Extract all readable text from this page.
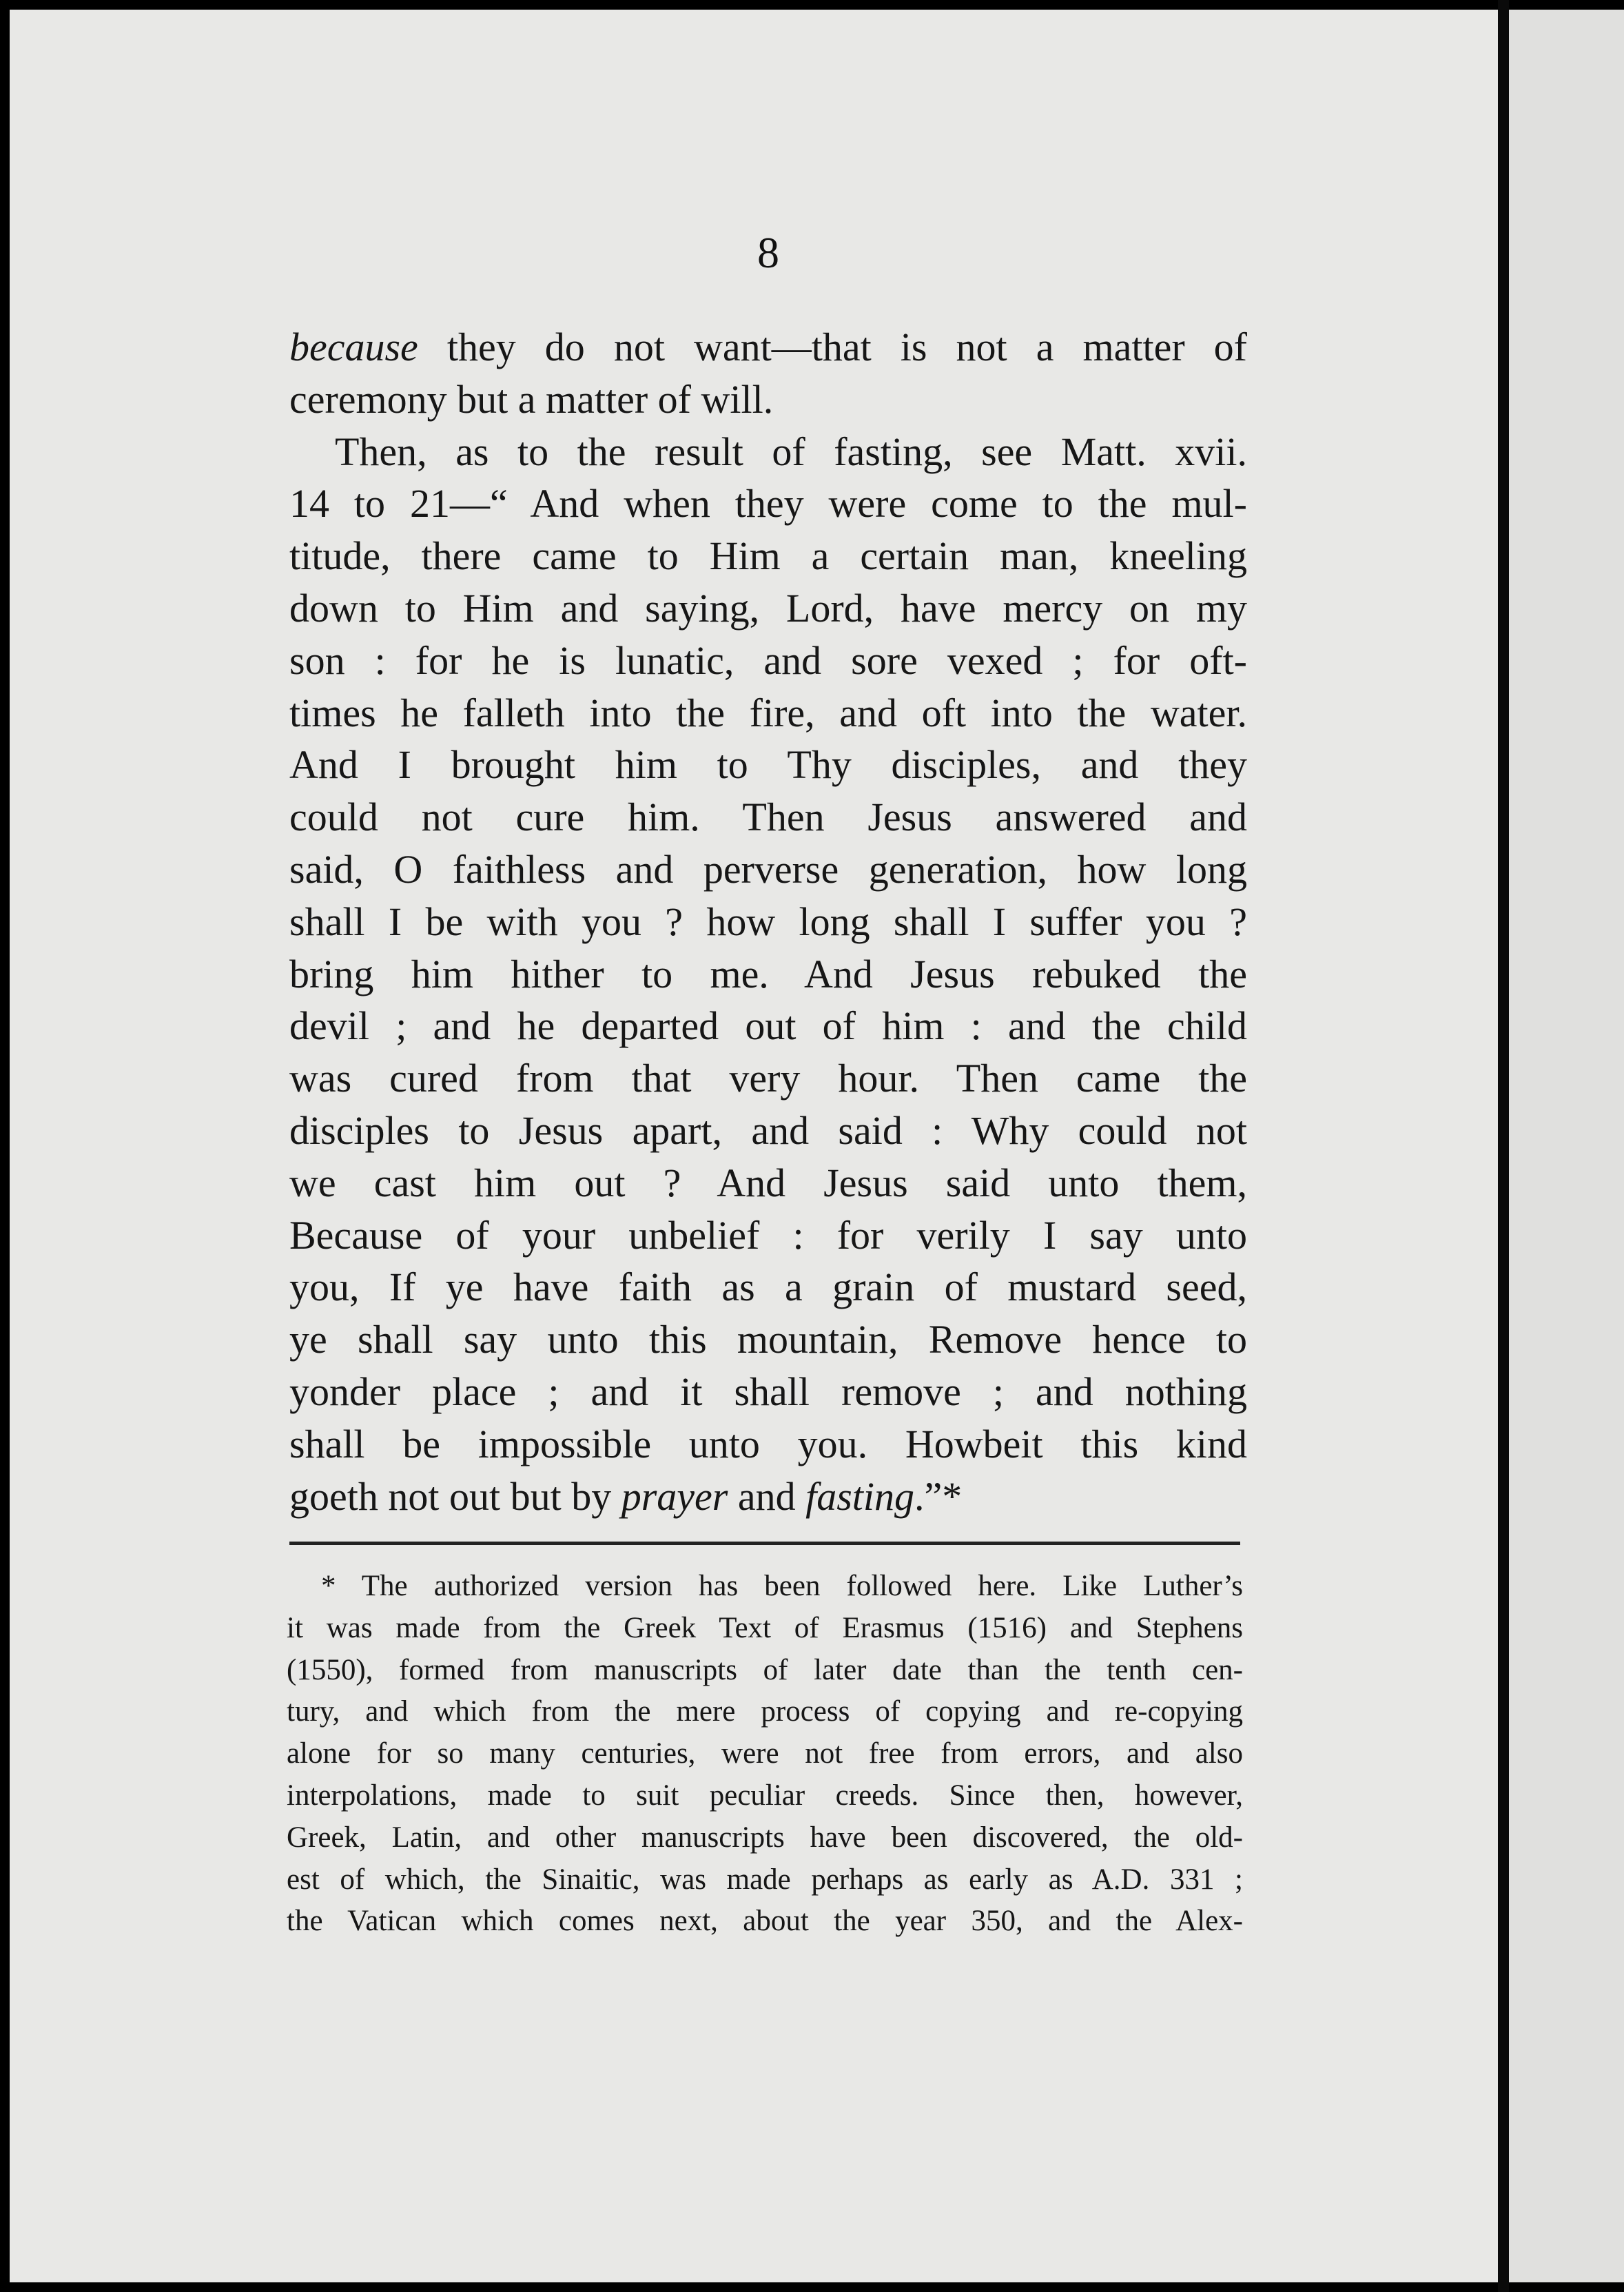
8
because they do not want—that is not a matter of
ceremony but a matter of will.
Then, as to the result of fasting, see Matt. xvii.
14 to 21—“ And when they were come to the mul-
titude, there came to Him a certain man, kneeling
down to Him and saying, Lord, have mercy on my
son : for he is lunatic, and sore vexed ; for oft-
times he falleth into the fire, and oft into the water.
And I brought him to Thy disciples, and they
could not cure him. Then Jesus answered and
said, O faithless and perverse generation, how long
shall I be with you ? how long shall I suffer you ?
bring him hither to me. And Jesus rebuked the
devil ; and he departed out of him : and the child
was cured from that very hour. Then came the
disciples to Jesus apart, and said : Why could not
we cast him out ? And Jesus said unto them,
Because of your unbelief : for verily I say unto
you, If ye have faith as a grain of mustard seed,
ye shall say unto this mountain, Remove hence to
yonder place ; and it shall remove ; and nothing
shall be impossible unto you. Howbeit this kind
goeth not out but by prayer and fasting.”*
* The authorized version has been followed here. Like Luther’s
it was made from the Greek Text of Erasmus (1516) and Stephens
(1550), formed from manuscripts of later date than the tenth cen-
tury, and which from the mere process of copying and re-copying
alone for so many centuries, were not free from errors, and also
interpolations, made to suit peculiar creeds. Since then, however,
Greek, Latin, and other manuscripts have been discovered, the old-
est of which, the Sinaitic, was made perhaps as early as A.D. 331 ;
the Vatican which comes next, about the year 350, and the Alex-
